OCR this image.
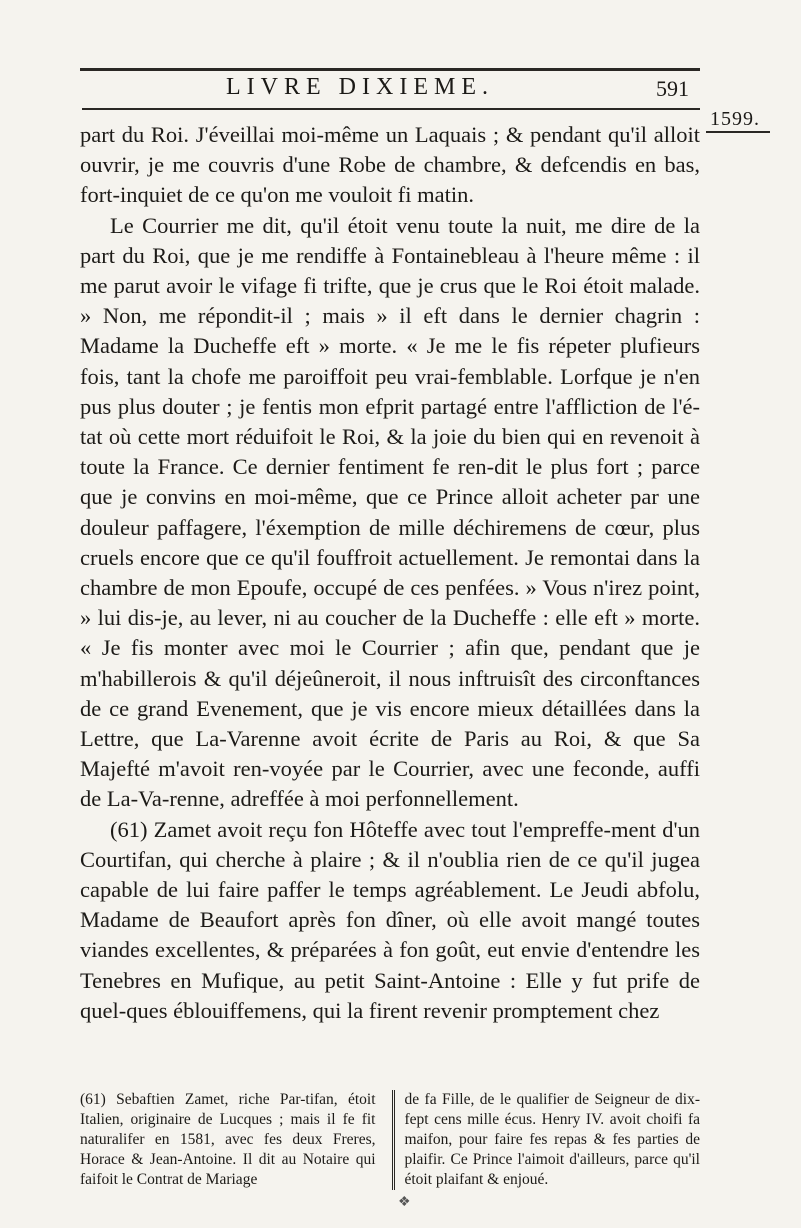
LIVRE DIXIEME.	591
1599.

part du Roi. J'éveillai moi-même un Laquais ; & pendant qu'il alloit ouvrir, je me couvris d'une Robe de chambre, & defcendis en bas, fort-inquiet de ce qu'on me vouloit fi matin.

Le Courrier me dit, qu'il étoit venu toute la nuit, me dire de la part du Roi, que je me rendiffe à Fontainebleau à l'heure même : il me parut avoir le vifage fi trifte, que je crus que le Roi étoit malade. » Non, me répondit-il ; mais » il eft dans le dernier chagrin : Madame la Ducheffe eft » morte. « Je me le fis répeter plufieurs fois, tant la chofe me paroiffoit peu vrai-femblable. Lorfque je n'en pus plus douter ; je fentis mon efprit partagé entre l'affliction de l'é-tat où cette mort réduifoit le Roi, & la joie du bien qui en revenoit à toute la France. Ce dernier fentiment fe ren-dit le plus fort ; parce que je convins en moi-même, que ce Prince alloit acheter par une douleur paffagere, l'éxemption de mille déchiremens de cœur, plus cruels encore que ce qu'il fouffroit actuellement. Je remontai dans la chambre de mon Epoufe, occupé de ces penfées. » Vous n'irez point, » lui dis-je, au lever, ni au coucher de la Ducheffe : elle eft » morte. « Je fis monter avec moi le Courrier ; afin que, pendant que je m'habillerois & qu'il déjeûneroit, il nous inftruisît des circonftances de ce grand Evenement, que je vis encore mieux détaillées dans la Lettre, que La-Varenne avoit écrite de Paris au Roi, & que Sa Majefté m'avoit ren-voyée par le Courrier, avec une feconde, auffi de La-Va-renne, adreffée à moi perfonnellement.

(61) Zamet avoit reçu fon Hôteffe avec tout l'empreffe-ment d'un Courtifan, qui cherche à plaire ; & il n'oublia rien de ce qu'il jugea capable de lui faire paffer le temps agréablement. Le Jeudi abfolu, Madame de Beaufort après fon dîner, où elle avoit mangé toutes viandes excellentes, & préparées à fon goût, eut envie d'entendre les Tenebres en Mufique, au petit Saint-Antoine : Elle y fut prife de quel-ques éblouiffemens, qui la firent revenir promptement chez

(61) Sebaftien Zamet, riche Par-tifan, étoit Italien, originaire de Lucques ; mais il fe fit naturalifer en 1581, avec fes deux Freres, Horace & Jean-Antoine. Il dit au Notaire qui faifoit le Contrat de Mariage
de fa Fille, de le qualifier de Seigneur de dix-fept cens mille écus. Henry IV. avoit choifi fa maifon, pour faire fes repas & fes parties de plaifir. Ce Prince l'aimoit d'ailleurs, parce qu'il étoit plaifant & enjoué.
❖
